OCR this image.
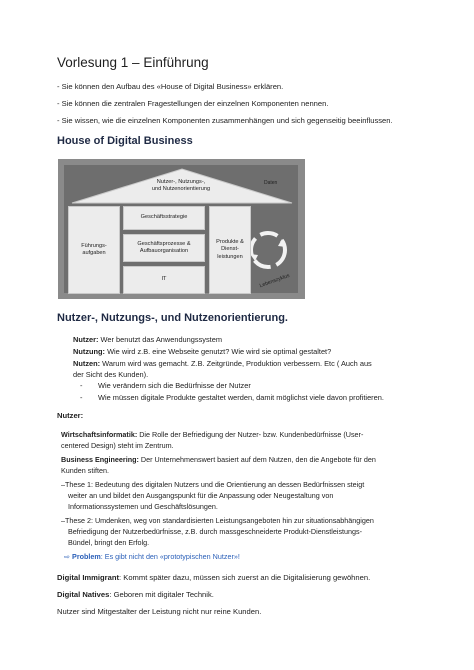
Vorlesung 1 – Einführung
- Sie können den Aufbau des «House of Digital Business» erklären.
- Sie können die zentralen Fragestellungen der einzelnen Komponenten nennen.
- Sie wissen, wie die einzelnen Komponenten zusammenhängen und sich gegenseitig beeinflussen.
House of Digital Business
Nutzer-, Nutzungs-,
und Nutzenorientierung
Daten
Führungs-
aufgaben
Geschäftsstrategie
Geschäftsprozesse &
Aufbauorganisation
IT
Produkte &
Dienst-
leistungen
Lebenszyklus
Nutzer-, Nutzungs-, und Nutzenorientierung.
Nutzer: Wer benutzt das Anwendungssystem
Nutzung: Wie wird z.B. eine Webseite genutzt? Wie wird sie optimal gestaltet?
Nutzen: Warum wird was gemacht. Z.B. Zeitgründe, Produktion verbessern. Etc ( Auch aus
der Sicht des Kunden).
- Wie verändern sich die Bedürfnisse der Nutzer
- Wie müssen digitale Produkte gestaltet werden, damit möglichst viele davon profitieren.
Nutzer:
Wirtschaftsinformatik: Die Rolle der Befriedigung der Nutzer- bzw. Kundenbedürfnisse (User-
centered Design) steht im Zentrum.
Business Engineering: Der Unternehmenswert basiert auf dem Nutzen, den die Angebote für den
Kunden stiften.
–These 1: Bedeutung des digitalen Nutzers und die Orientierung an dessen Bedürfnissen steigt
weiter an und bildet den Ausgangspunkt für die Anpassung oder Neugestaltung von
Informationssystemen und Geschäftslösungen.
–These 2: Umdenken, weg von standardisierten Leistungsangeboten hin zur situationsabhängigen
Befriedigung der Nutzerbedürfnisse, z.B. durch massgeschneiderte Produkt-Dienstleistungs-
Bündel, bringt den Erfolg.
⇨ Problem: Es gibt nicht den «prototypischen Nutzer»!
Digital Immigrant: Kommt später dazu, müssen sich zuerst an die Digitalisierung gewöhnen.
Digital Natives: Geboren mit digitaler Technik.
Nutzer sind Mitgestalter der Leistung nicht nur reine Kunden.
